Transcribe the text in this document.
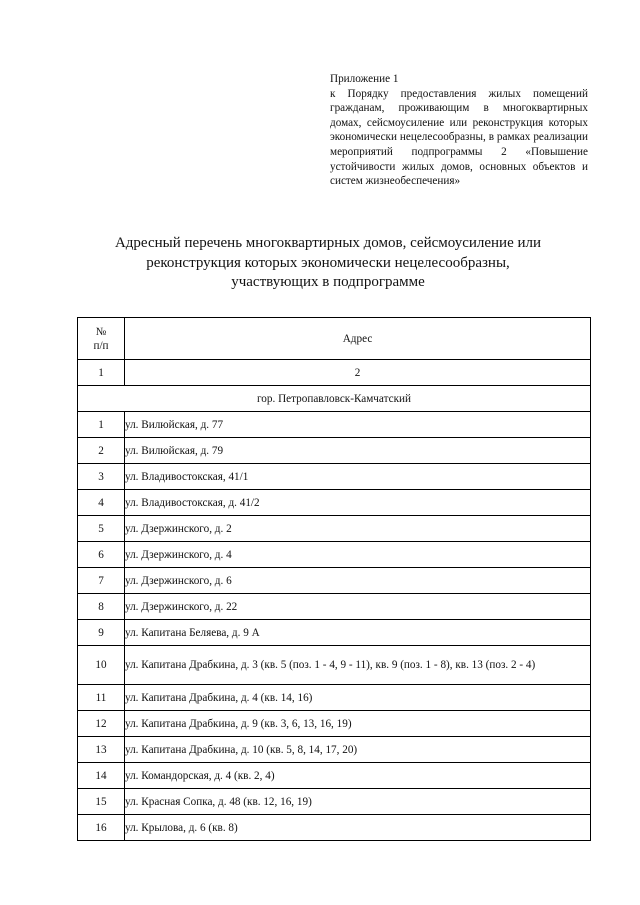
Приложение 1
к Порядку предоставления жилых помещений гражданам, проживающим в многоквартирных домах, сейсмоусиление или реконструкция которых экономически нецелесообразны, в рамках реализации мероприятий подпрограммы 2 «Повышение устойчивости жилых домов, основных объектов и систем жизнеобеспечения»
Адресный перечень многоквартирных домов, сейсмоусиление или
реконструкция которых экономически нецелесообразны,
участвующих в подпрограмме
№
п/п	Адрес
1	2
гор. Петропавловск-Камчатский	
1	ул. Вилюйская, д. 77
2	ул. Вилюйская, д. 79
3	ул. Владивостокская, 41/1
4	ул. Владивостокская, д. 41/2
5	ул. Дзержинского, д. 2
6	ул. Дзержинского, д. 4
7	ул. Дзержинского, д. 6
8	ул. Дзержинского, д. 22
9	ул. Капитана Беляева, д. 9 А
10	ул. Капитана Драбкина, д. 3 (кв. 5 (поз. 1 - 4, 9 - 11), кв. 9 (поз. 1 - 8), кв. 13 (поз. 2 - 4)
11	ул. Капитана Драбкина, д. 4 (кв. 14, 16)
12	ул. Капитана Драбкина, д. 9 (кв. 3, 6, 13, 16, 19)
13	ул. Капитана Драбкина, д. 10 (кв. 5, 8, 14, 17, 20)
14	ул. Командорская, д. 4 (кв. 2, 4)
15	ул. Красная Сопка, д. 48 (кв. 12, 16, 19)
16	ул. Крылова, д. 6 (кв. 8)
